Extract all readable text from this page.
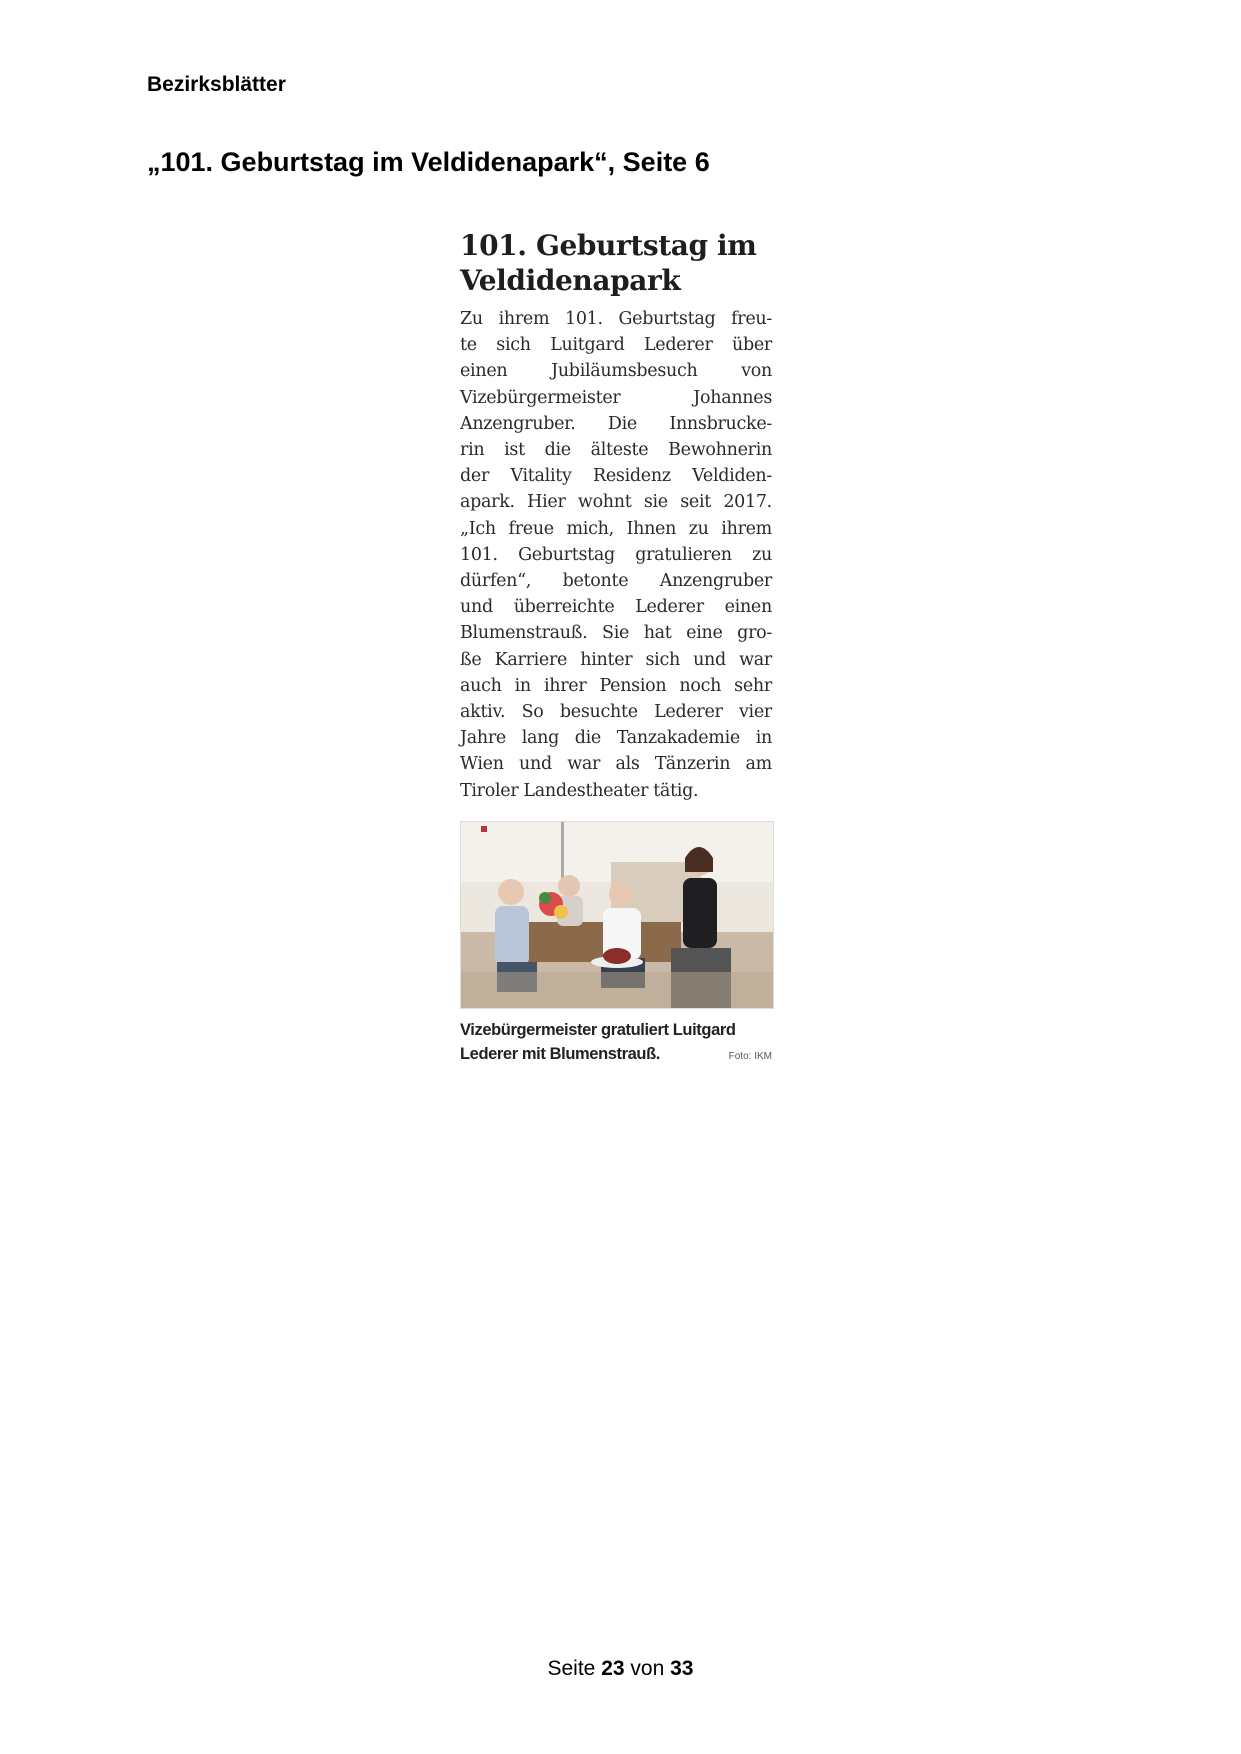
Bezirksblätter
„101. Geburtstag im Veldidenapark“, Seite 6
101. Geburtstag im
Veldidenapark
Zu ihrem 101. Geburtstag freu-
te sich Luitgard Lederer über
einen	Jubiläumsbesuch	von
Vizebürgermeister	Johannes
Anzengruber. Die Innsbrucke-
rin ist die älteste Bewohnerin
der Vitality Residenz Veldiden-
apark. Hier wohnt sie seit 2017.
„Ich freue mich, Ihnen zu ihrem
101. Geburtstag gratulieren zu
dürfen“, betonte Anzengruber
und überreichte Lederer einen
Blumenstrauß. Sie hat eine gro-
ße Karriere hinter sich und war
auch in ihrer Pension noch sehr
aktiv. So besuchte Lederer vier
Jahre lang die Tanzakademie in
Wien und war als Tänzerin am
Tiroler Landestheater tätig.
Vizebürgermeister gratuliert Luitgard
Lederer mit Blumenstrauß.	Foto: IKM
Seite 23 von 33
